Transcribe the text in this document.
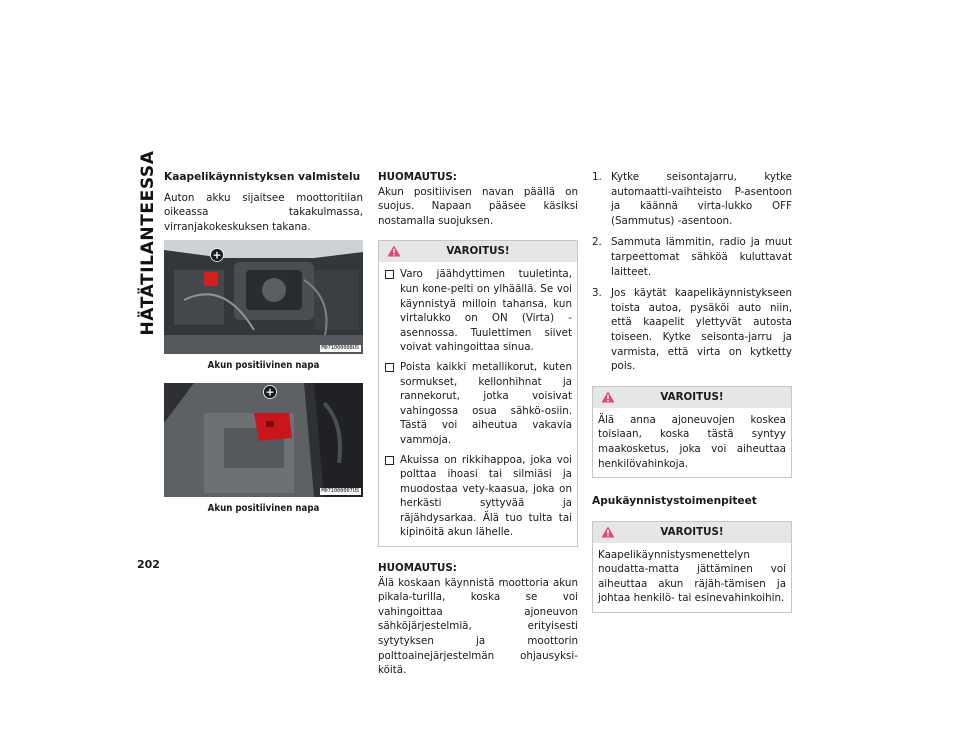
HÄTÄTILANTEESSA
202
Kaapelikäynnistyksen valmistelu

Auton akku sijaitsee moottoritilan oikeassa takakulmassa, virranjakokeskuksen takana.

+
M071000008US
Akun positiivinen napa
+
M071000007US
Akun positiivinen napa
HUOMAUTUS:

Akun positiivisen navan päällä on suojus. Napaan pääsee käsiksi nostamalla suojuksen.

VAROITUS!
Varo jäähdyttimen tuuletinta, kun kone-pelti on ylhäällä. Se voi käynnistyä milloin tahansa, kun virtalukko on ON (Virta) -asennossa. Tuulettimen siivet voivat vahingoittaa sinua.
Poista kaikki metallikorut, kuten sormukset, kellonhihnat ja rannekorut, jotka voisivat vahingossa osua sähkö-osiin. Tästä voi aiheutua vakavia vammoja.
Akuissa on rikkihappoa, joka voi polttaa ihoasi tai silmiäsi ja muodostaa vety-kaasua, joka on herkästi syttyvää ja räjähdysarkaa. Älä tuo tulta tai kipinöitä akun lähelle.
HUOMAUTUS:

Älä koskaan käynnistä moottoria akun pikala-turilla, koska se voi vahingoittaa ajoneuvon sähköjärjestelmiä, erityisesti sytytyksen ja moottorin polttoainejärjestelmän ohjausyksi-köitä.

1. Kytke seisontajarru, kytke automaatti-vaihteisto P-asentoon ja käännä virta-lukko OFF (Sammutus) -asentoon.
2. Sammuta lämmitin, radio ja muut tarpeettomat sähköä kuluttavat laitteet.
3. Jos käytät kaapelikäynnistykseen toista autoa, pysäköi auto niin, että kaapelit ylettyvät autosta toiseen. Kytke seisonta-jarru ja varmista, että virta on kytketty pois.
VAROITUS!

Älä anna ajoneuvojen koskea toisiaan, koska tästä syntyy maakosketus, joka voi aiheuttaa henkilövahinkoja.

Apukäynnistystoimenpiteet
VAROITUS!

Kaapelikäynnistysmenettelyn noudatta-matta jättäminen voi aiheuttaa akun räjäh-tämisen ja johtaa henkilö- tai esinevahinkoihin.
